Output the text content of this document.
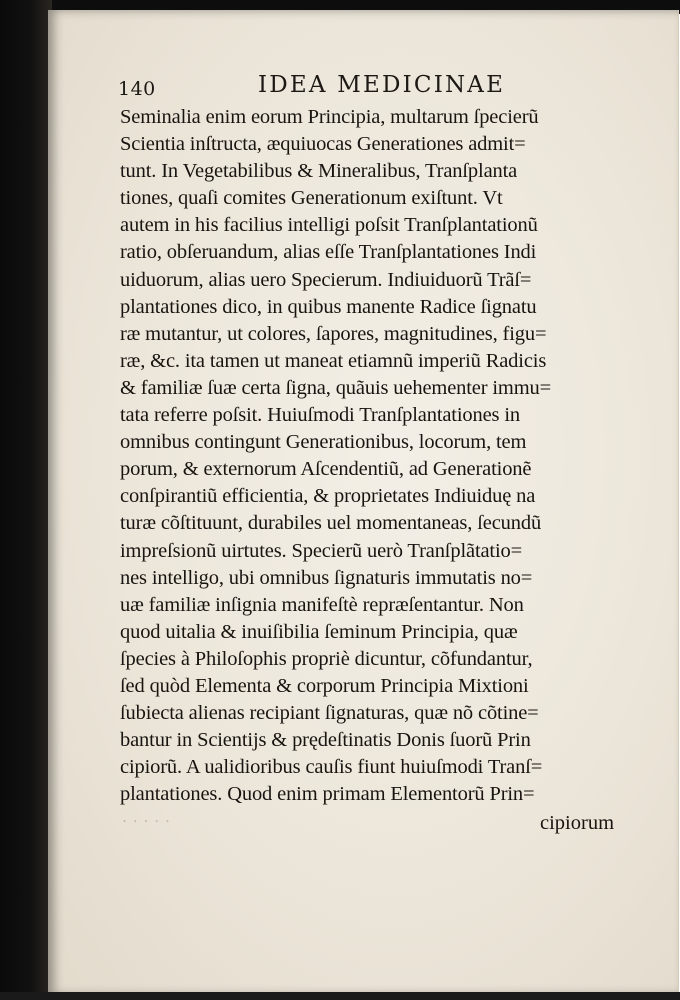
140	IDEA MEDICINAE
Seminalia enim eorum Principia, multarum ſpecierũ
Scientia inſtructa, æquiuocas Generationes admit=
tunt. In Vegetabilibus & Mineralibus, Tranſplanta
tiones, quaſi comites Generationum exiſtunt. Vt
autem in his facilius intelligi poſsit Tranſplantationũ
ratio, obſeruandum, alias eſſe Tranſplantationes Indi
uiduorum, alias uero Specierum. Indiuiduorũ Trãſ=
plantationes dico, in quibus manente Radice ſignatu
ræ mutantur, ut colores, ſapores, magnitudines, figu=
ræ, &c. ita tamen ut maneat etiamnũ imperiũ Radicis
& familiæ ſuæ certa ſigna, quãuis uehementer immu=
tata referre poſsit. Huiuſmodi Tranſplantationes in
omnibus contingunt Generationibus, locorum, tem
porum, & externorum Aſcendentiũ, ad Generationẽ
conſpirantiũ efficientia, & proprietates Indiuiduę na
turæ cõſtituunt, durabiles uel momentaneas, ſecundũ
impreſsionũ uirtutes. Specierũ uerò Tranſplãtatio=
nes intelligo, ubi omnibus ſignaturis immutatis no=
uæ familiæ inſignia manifeſtè repræſentantur. Non
quod uitalia & inuiſibilia ſeminum Principia, quæ
ſpecies à Philoſophis propriè dicuntur, cõfundantur,
ſed quòd Elementa & corporum Principia Mixtioni
ſubiecta alienas recipiant ſignaturas, quæ nõ cõtine=
bantur in Scientijs & prędeſtinatis Donis ſuorũ Prin
cipiorũ. A ualidioribus cauſis fiunt huiuſmodi Tranſ=
plantationes. Quod enim primam Elementorũ Prin=
· · · · ·	cipiorum
